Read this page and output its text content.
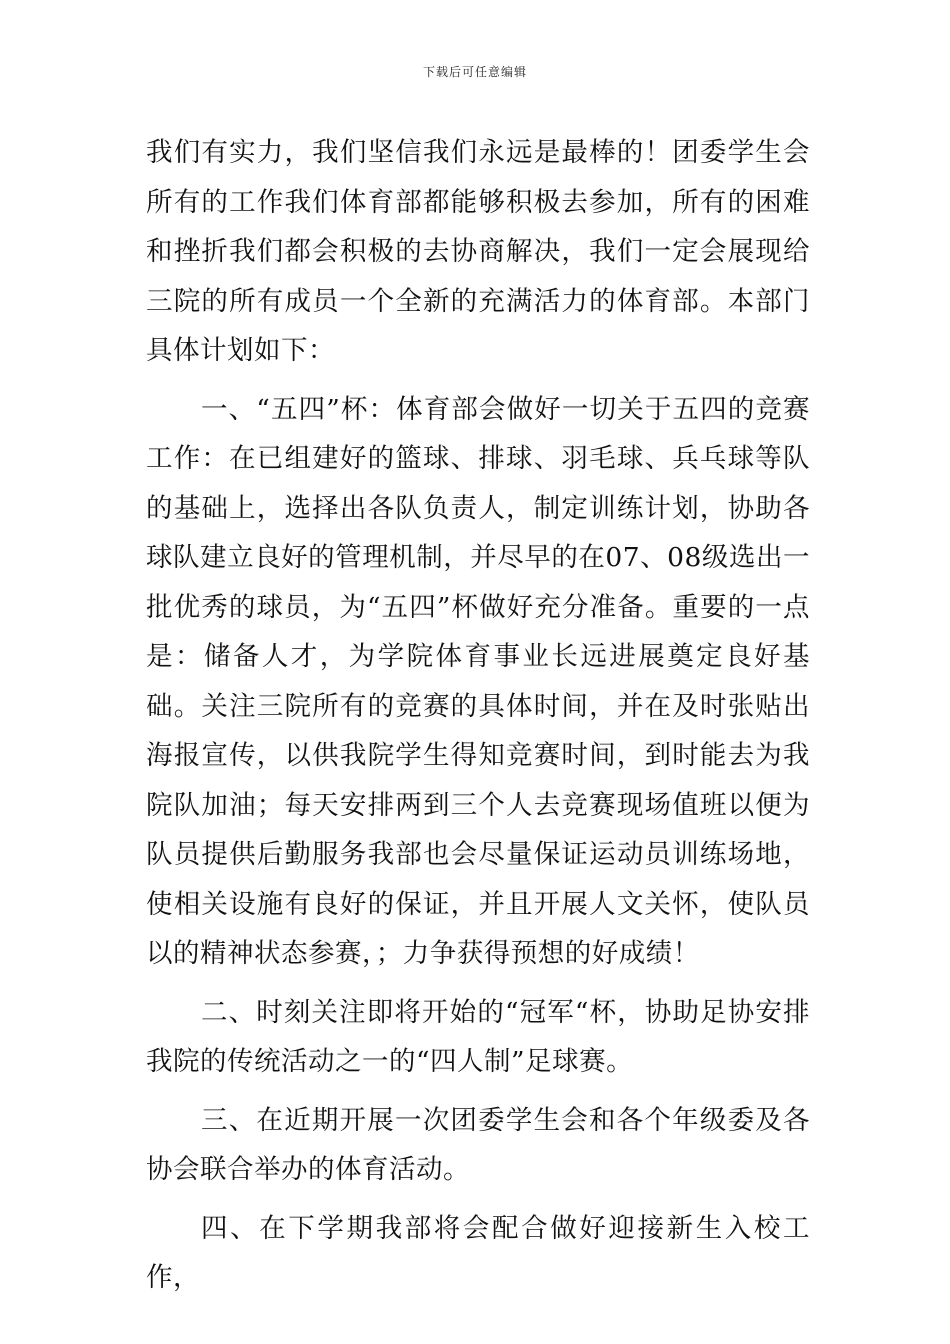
下载后可任意编辑

我们有实力，我们坚信我们永远是最棒的！团委学生会所有的工作我们体育部都能够积极去参加，所有的困难和挫折我们都会积极的去协商解决，我们一定会展现给三院的所有成员一个全新的充满活力的体育部。本部门具体计划如下：

一、“五四”杯：体育部会做好一切关于五四的竞赛工作：在已组建好的篮球、排球、羽毛球、兵乓球等队的基础上，选择出各队负责人，制定训练计划，协助各球队建立良好的管理机制，并尽早的在07、08级选出一批优秀的球员，为“五四”杯做好充分准备。重要的一点是：储备人才，为学院体育事业长远进展奠定良好基础。关注三院所有的竞赛的具体时间，并在及时张贴出海报宣传，以供我院学生得知竞赛时间，到时能去为我院队加油；每天安排两到三个人去竞赛现场值班以便为队员提供后勤服务我部也会尽量保证运动员训练场地，使相关设施有良好的保证，并且开展人文关怀，使队员以的精神状态参赛，；力争获得预想的好成绩！

二、时刻关注即将开始的“冠军“杯，协助足协安排我院的传统活动之一的“四人制”足球赛。

三、在近期开展一次团委学生会和各个年级委及各协会联合举办的体育活动。

四、在下学期我部将会配合做好迎接新生入校工作，
